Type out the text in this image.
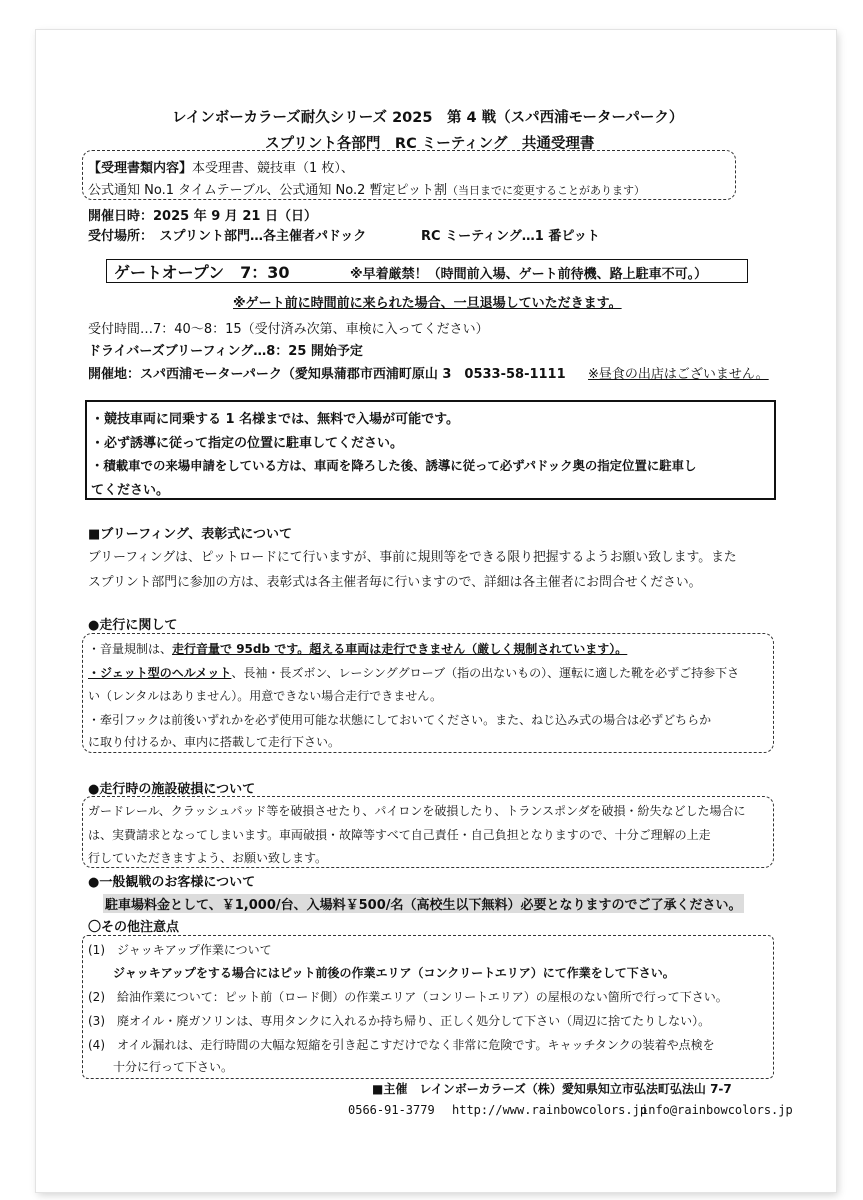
レインボーカラーズ耐久シリーズ 2025　第 4 戦（スパ西浦モーターパーク）
スプリント各部門　RC ミーティング　共通受理書
【受理書類内容】本受理書、競技車（1 枚）、
公式通知 No.1 タイムテーブル、公式通知 No.2 暫定ピット割（当日までに変更することがあります）
開催日時：2025 年 9 月 21 日（日）
受付場所：　スプリント部門…各主催者パドック	RC ミーティング…1 番ピット
ゲートオープン　7：30	※早着厳禁！（時間前入場、ゲート前待機、路上駐車不可。）
※ゲート前に時間前に来られた場合、一旦退場していただきます。
受付時間…7：40～8：15（受付済み次第、車検に入ってください）
ドライバーズブリーフィング…8：25 開始予定
開催地：スパ西浦モーターパーク（愛知県蒲郡市西浦町原山 3　0533-58-1111 ※昼食の出店はございません。
・競技車両に同乗する 1 名様までは、無料で入場が可能です。
・必ず誘導に従って指定の位置に駐車してください。
・積載車での来場申請をしている方は、車両を降ろした後、誘導に従って必ずパドック奥の指定位置に駐車し
てください。
■ブリーフィング、表彰式について
ブリーフィングは、ピットロードにて行いますが、事前に規則等をできる限り把握するようお願い致します。また
スプリント部門に参加の方は、表彰式は各主催者毎に行いますので、詳細は各主催者にお問合せください。
●走行に関して
・音量規制は、走行音量で 95db です。超える車両は走行できません（厳しく規制されています）。
・ジェット型のヘルメット、長袖・長ズボン、レーシンググローブ（指の出ないもの）、運転に適した靴を必ずご持参下さ
い（レンタルはありません）。用意できない場合走行できません。
・牽引フックは前後いずれかを必ず使用可能な状態にしておいてください。また、ねじ込み式の場合は必ずどちらか
に取り付けるか、車内に搭載して走行下さい。
●走行時の施設破損について
ガードレール、クラッシュパッド等を破損させたり、パイロンを破損したり、トランスポンダを破損・紛失などした場合に
は、実費請求となってしまいます。車両破損・故障等すべて自己責任・自己負担となりますので、十分ご理解の上走
行していただきますよう、お願い致します。
●一般観戦のお客様について
駐車場料金として、￥1,000/台、入場料￥500/名（高校生以下無料）必要となりますのでご了承ください。
〇その他注意点
(1)　ジャッキアップ作業について
ジャッキアップをする場合にはピット前後の作業エリア（コンクリートエリア）にて作業をして下さい。
(2)　給油作業について：ピット前（ロード側）の作業エリア（コンリートエリア）の屋根のない箇所で行って下さい。
(3)　廃オイル・廃ガソリンは、専用タンクに入れるか持ち帰り、正しく処分して下さい（周辺に捨てたりしない）。
(4)　オイル漏れは、走行時間の大幅な短縮を引き起こすだけでなく非常に危険です。キャッチタンクの装着や点検を
十分に行って下さい。
■主催　レインボーカラーズ（株）愛知県知立市弘法町弘法山 7-7
0566-91-3779 http://www.rainbowcolors.jp
info@rainbowcolors.jp
